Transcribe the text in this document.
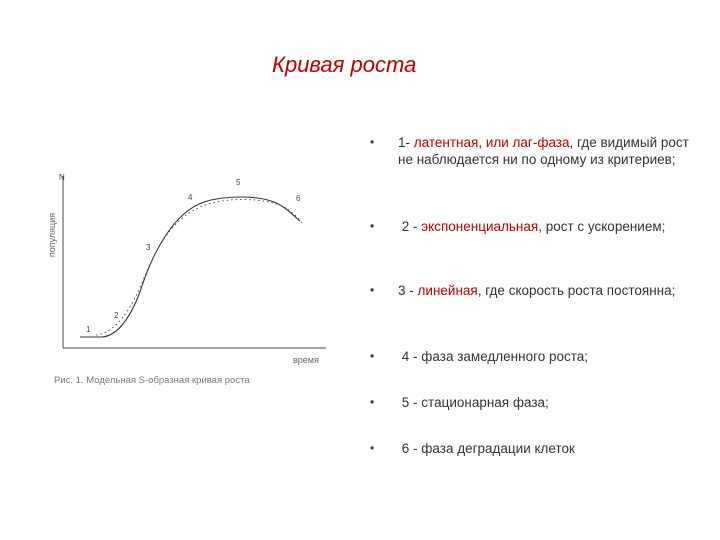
Кривая роста
1
2
3
4
5
6
N
популяция
время
Рис. 1. Модельная S-образная кривая роста
• 1- латентная, или лаг-фаза, где видимый рост не наблюдается ни по одному из критериев;
• 2 - экспоненциальная, рост с ускорением;
• 3 - линейная, где скорость роста постоянна;
• 4 - фаза замедленного роста;
• 5 - стационарная фаза;
• 6 - фаза деградации клеток
